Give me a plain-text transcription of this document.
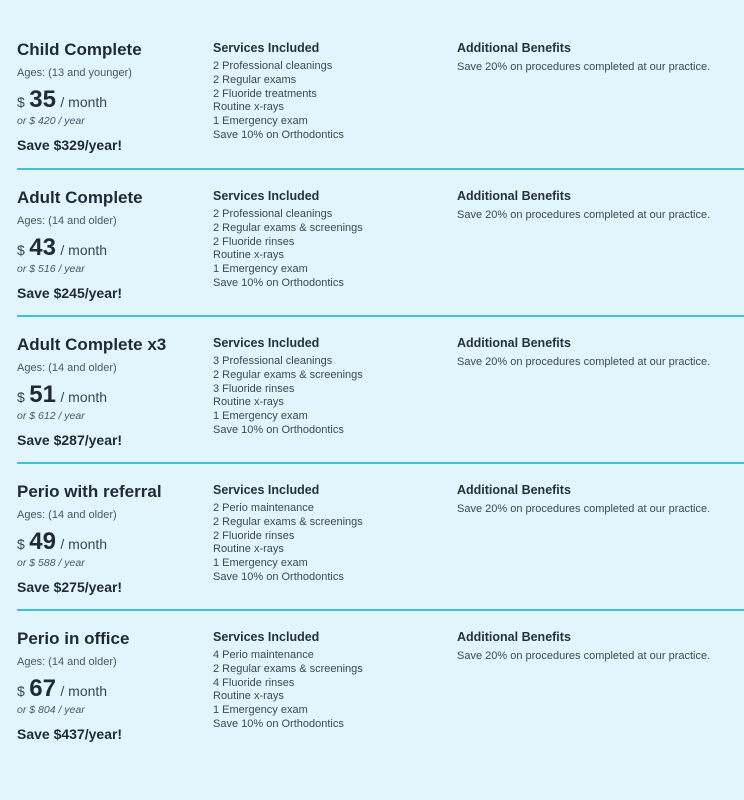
Child Complete
Ages: (13 and younger)
$ 35 / month
or $ 420 / year
Save $329/year!
Services Included
2 Professional cleanings
2 Regular exams
2 Fluoride treatments
Routine x-rays
1 Emergency exam
Save 10% on Orthodontics
Additional Benefits
Save 20% on procedures completed at our practice.
Adult Complete
Ages: (14 and older)
$ 43 / month
or $ 516 / year
Save $245/year!
Services Included
2 Professional cleanings
2 Regular exams & screenings
2 Fluoride rinses
Routine x-rays
1 Emergency exam
Save 10% on Orthodontics
Additional Benefits
Save 20% on procedures completed at our practice.
Adult Complete x3
Ages: (14 and older)
$ 51 / month
or $ 612 / year
Save $287/year!
Services Included
3 Professional cleanings
2 Regular exams & screenings
3 Fluoride rinses
Routine x-rays
1 Emergency exam
Save 10% on Orthodontics
Additional Benefits
Save 20% on procedures completed at our practice.
Perio with referral
Ages: (14 and older)
$ 49 / month
or $ 588 / year
Save $275/year!
Services Included
2 Perio maintenance
2 Regular exams & screenings
2 Fluoride rinses
Routine x-rays
1 Emergency exam
Save 10% on Orthodontics
Additional Benefits
Save 20% on procedures completed at our practice.
Perio in office
Ages: (14 and older)
$ 67 / month
or $ 804 / year
Save $437/year!
Services Included
4 Perio maintenance
2 Regular exams & screenings
4 Fluoride rinses
Routine x-rays
1 Emergency exam
Save 10% on Orthodontics
Additional Benefits
Save 20% on procedures completed at our practice.
